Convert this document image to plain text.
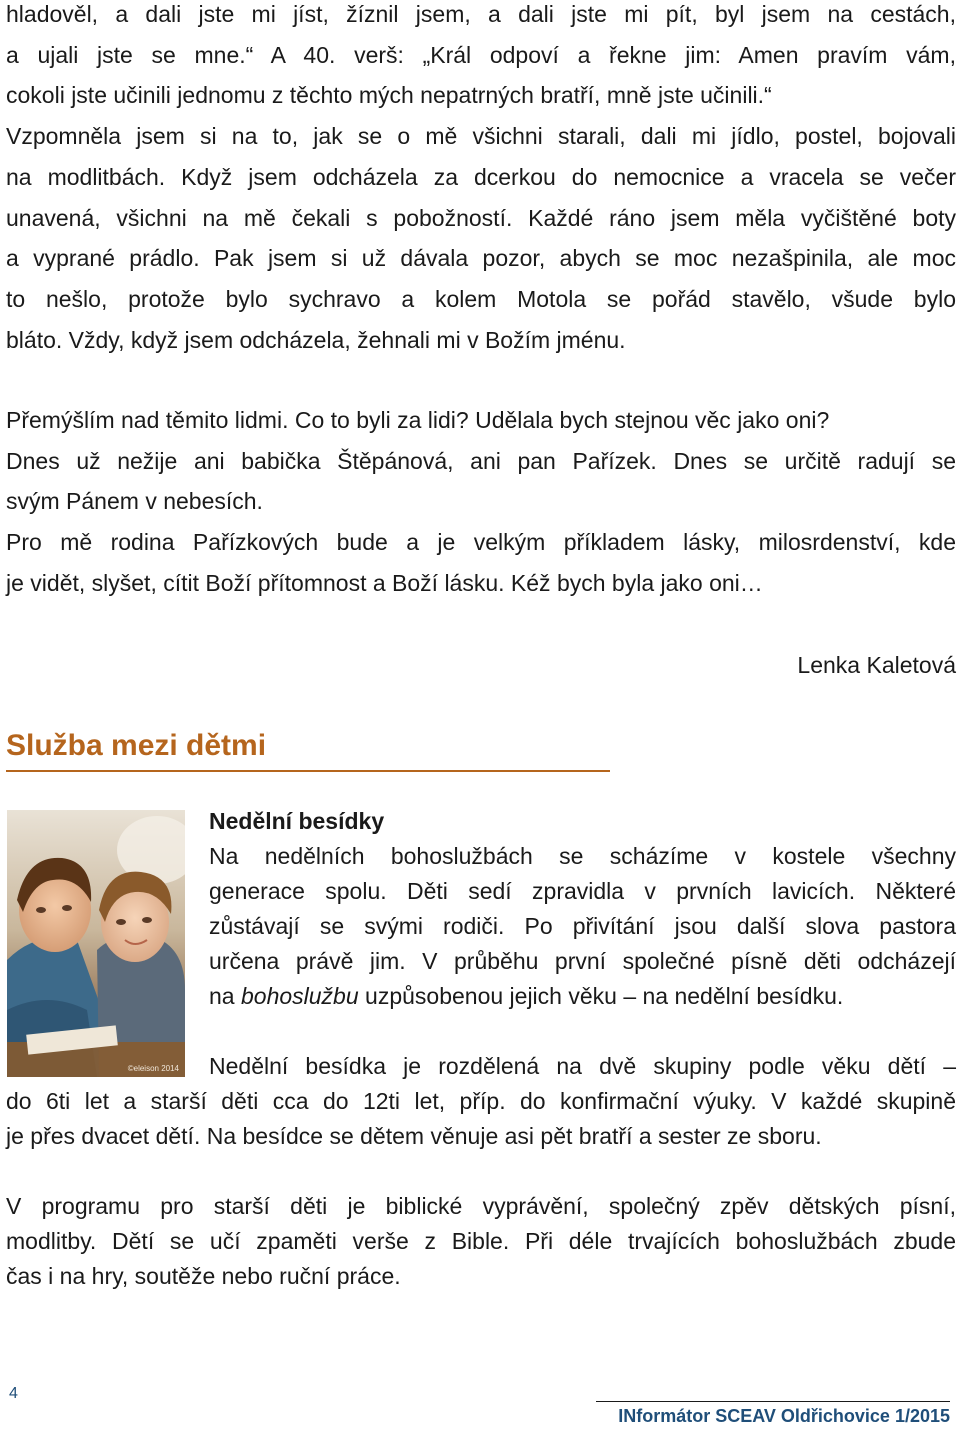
hladověl, a dali jste mi jíst, žíznil jsem, a dali jste mi pít, byl jsem na cestách,
a ujali jste se mne.“ A 40. verš: „Král odpoví a řekne jim: Amen pravím vám,
cokoli jste učinili jednomu z těchto mých nepatrných bratří, mně jste učinili.“
Vzpomněla jsem si na to, jak se o mě všichni starali, dali mi jídlo, postel, bojovali
na modlitbách. Když jsem odcházela za dcerkou do nemocnice a vracela se večer
unavená, všichni na mě čekali s pobožností. Každé ráno jsem měla vyčištěné boty
a vyprané prádlo. Pak jsem si už dávala pozor, abych se moc nezašpinila, ale moc
to nešlo, protože bylo sychravo a kolem Motola se pořád stavělo, všude bylo
bláto. Vždy, když jsem odcházela, žehnali mi v Božím jménu.

Přemýšlím nad těmito lidmi. Co to byli za lidi? Udělala bych stejnou věc jako oni?
Dnes už nežije ani babička Štěpánová, ani pan Pařízek. Dnes se určitě radují se
svým Pánem v nebesích.
Pro mě rodina Pařízkových bude a je velkým příkladem lásky, milosrdenství, kde
je vidět, slyšet, cítit Boží přítomnost a Boží lásku. Kéž bych byla jako oni…

Lenka Kaletová
Služba mezi dětmi
©eleison 2014
Nedělní besídky

Na nedělních bohoslužbách se scházíme v kostele všechny
generace spolu. Děti sedí zpravidla v prvních lavicích. Některé
zůstávají se svými rodiči. Po přivítání jsou další slova pastora
určena právě jim. V průběhu první společné písně děti odcházejí
na bohoslužbu uzpůsobenou jejich věku – na nedělní besídku.

Nedělní besídka je rozdělená na dvě skupiny podle věku dětí –
do 6ti let a starší děti cca do 12ti let, příp. do konfirmační výuky. V každé skupině
je přes dvacet dětí. Na besídce se dětem věnuje asi pět bratří a sester ze sboru.

V programu pro starší děti je biblické vyprávění, společný zpěv dětských písní,
modlitby. Dětí se učí zpaměti verše z Bible. Při déle trvajících bohoslužbách zbude
čas i na hry, soutěže nebo ruční práce.

4
INformátor SCEAV Oldřichovice 1/2015
